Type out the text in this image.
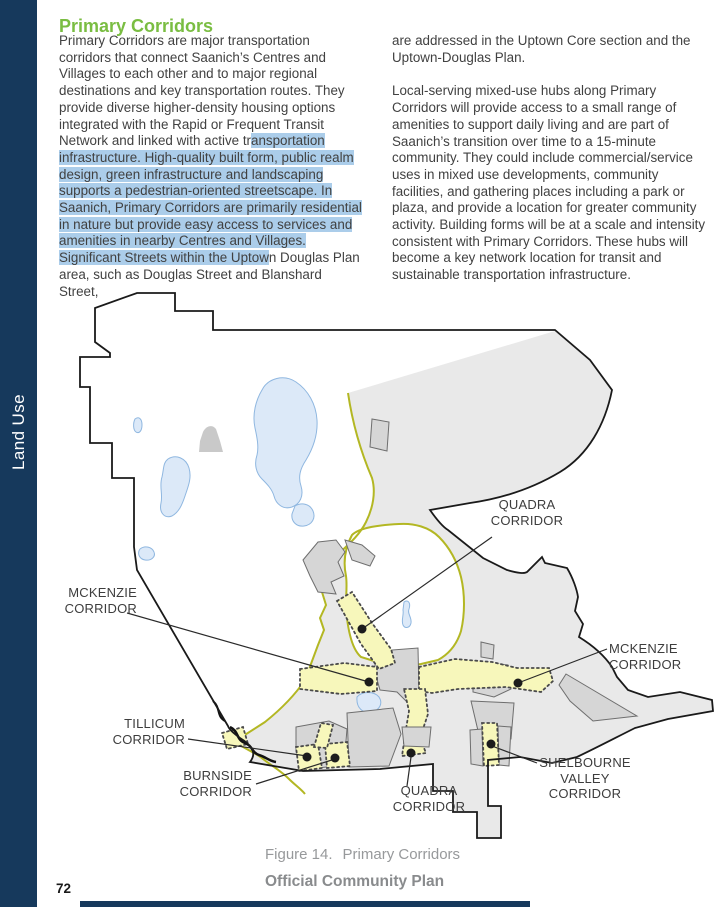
Land Use
Primary Corridors

Primary Corridors are major transportation corridors that connect Saanich’s Centres and Villages to each other and to major regional destinations and key transportation routes. They provide diverse higher-density housing options integrated with the Rapid or Frequent Transit Network and linked with active transportation infrastructure. High-quality built form, public realm design, green infrastructure and landscaping supports a pedestrian-oriented streetscape. In Saanich, Primary Corridors are primarily residential in nature but provide easy access to services and amenities in nearby Centres and Villages. Significant Streets within the Uptown Douglas Plan area, such as Douglas Street and Blanshard Street,

are addressed in the Uptown Core section and the Uptown-Douglas Plan.

Local-serving mixed-use hubs along Primary Corridors will provide access to a small range of amenities to support daily living and are part of Saanich’s transition over time to a 15-minute community. They could include commercial/service uses in mixed use developments, community facilities, and gathering places including a park or plaza, and provide a location for greater community activity. Building forms will be at a scale and intensity consistent with Primary Corridors. These hubs will become a key network location for transit and sustainable transportation infrastructure.

QUADRA
CORRIDOR
MCKENZIE
CORRIDOR
MCKENZIE
CORRIDOR
TILLICUM
CORRIDOR
BURNSIDE
CORRIDOR	QUADRA
CORRIDOR
SHELBOURNE
VALLEY
CORRIDOR
Figure 14. Primary Corridors
Official Community Plan
72
